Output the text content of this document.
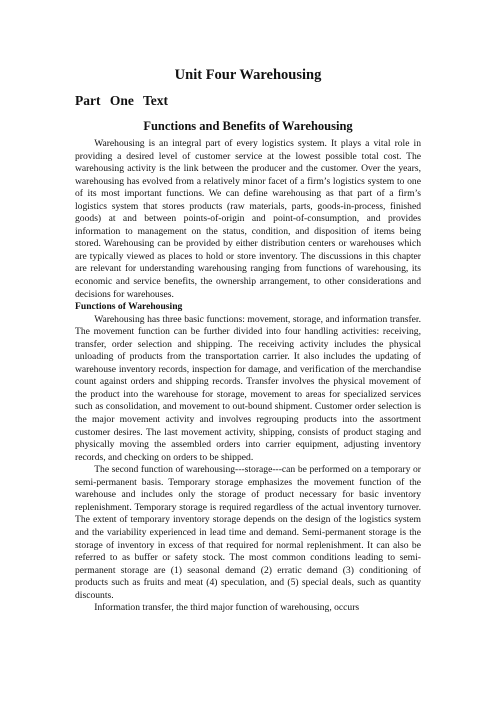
Unit Four Warehousing
Part One Text
Functions and Benefits of Warehousing

Warehousing is an integral part of every logistics system. It plays a vital role in providing a desired level of customer service at the lowest possible total cost. The warehousing activity is the link between the producer and the customer. Over the years, warehousing has evolved from a relatively minor facet of a firm’s logistics system to one of its most important functions. We can define warehousing as that part of a firm’s logistics system that stores products (raw materials, parts, goods-in-process, finished goods) at and between points-of-origin and point-of-consumption, and provides information to management on the status, condition, and disposition of items being stored. Warehousing can be provided by either distribution centers or warehouses which are typically viewed as places to hold or store inventory. The discussions in this chapter are relevant for understanding warehousing ranging from functions of warehousing, its economic and service benefits, the ownership arrangement, to other considerations and decisions for warehouses.

Functions of Warehousing

Warehousing has three basic functions: movement, storage, and information transfer. The movement function can be further divided into four handling activities: receiving, transfer, order selection and shipping. The receiving activity includes the physical unloading of products from the transportation carrier. It also includes the updating of warehouse inventory records, inspection for damage, and verification of the merchandise count against orders and shipping records. Transfer involves the physical movement of the product into the warehouse for storage, movement to areas for specialized services such as consolidation, and movement to out-bound shipment. Customer order selection is the major movement activity and involves regrouping products into the assortment customer desires. The last movement activity, shipping, consists of product staging and physically moving the assembled orders into carrier equipment, adjusting inventory records, and checking on orders to be shipped.

The second function of warehousing---storage---can be performed on a temporary or semi-permanent basis. Temporary storage emphasizes the movement function of the warehouse and includes only the storage of product necessary for basic inventory replenishment. Temporary storage is required regardless of the actual inventory turnover. The extent of temporary inventory storage depends on the design of the logistics system and the variability experienced in lead time and demand. Semi-permanent storage is the storage of inventory in excess of that required for normal replenishment. It can also be referred to as buffer or safety stock. The most common conditions leading to semi-permanent storage are (1) seasonal demand (2) erratic demand (3) conditioning of products such as fruits and meat (4) speculation, and (5) special deals, such as quantity discounts.

Information transfer, the third major function of warehousing, occurs
